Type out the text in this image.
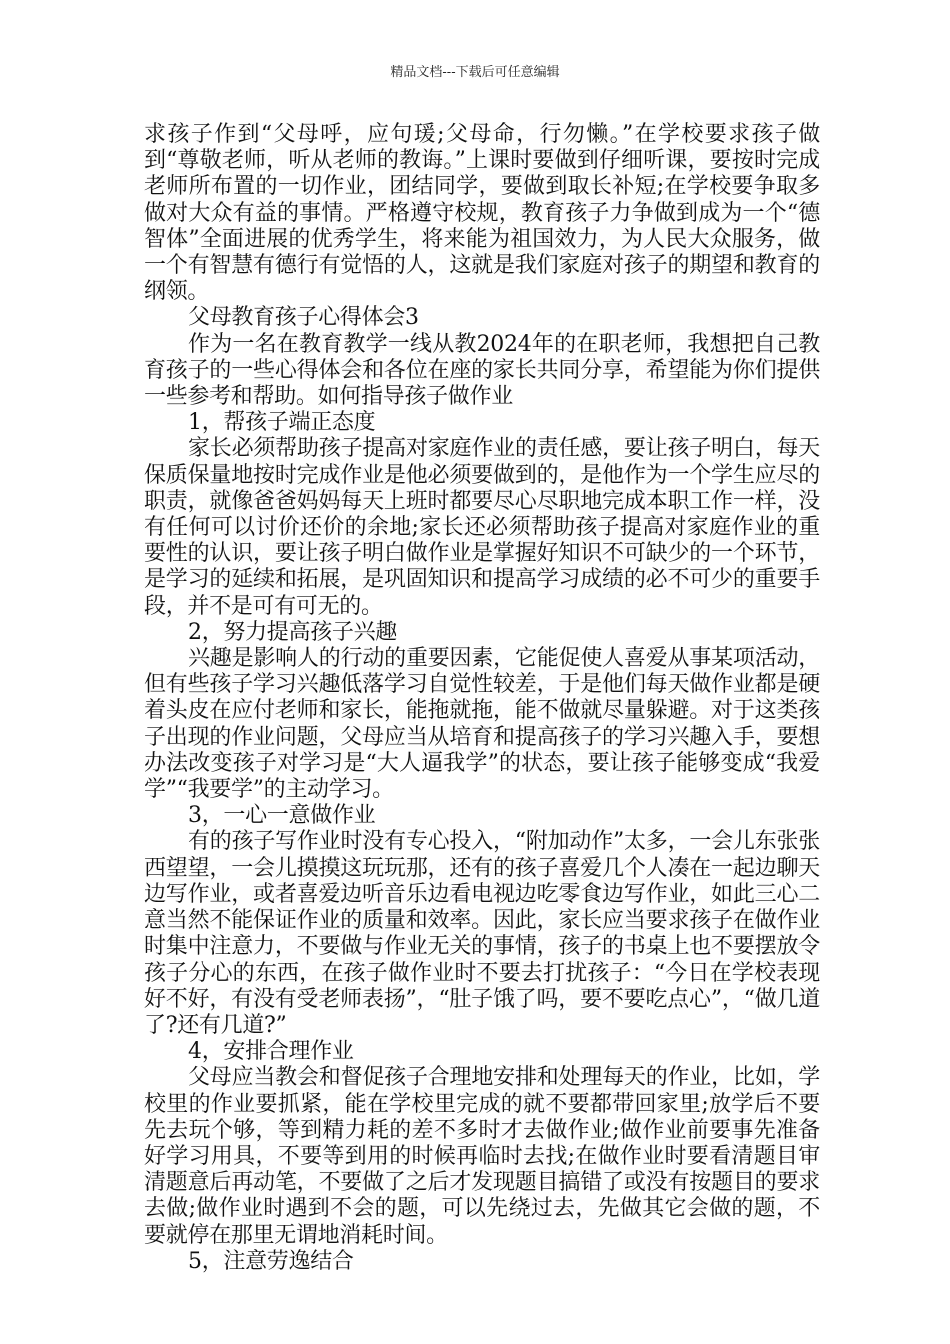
精品文档---下载后可任意编辑

求孩子作到“父母呼，应句瑗;父母命，行勿懒。”在学校要求孩子做到“尊敬老师，听从老师的教诲。”上课时要做到仔细听课，要按时完成老师所布置的一切作业，团结同学，要做到取长补短;在学校要争取多做对大众有益的事情。严格遵守校规，教育孩子力争做到成为一个“德智体”全面进展的优秀学生，将来能为祖国效力，为人民大众服务，做一个有智慧有德行有觉悟的人，这就是我们家庭对孩子的期望和教育的纲领。

父母教育孩子心得体会3

作为一名在教育教学一线从教2024年的在职老师，我想把自己教育孩子的一些心得体会和各位在座的家长共同分享，希望能为你们提供一些参考和帮助。如何指导孩子做作业

1，帮孩子端正态度

家长必须帮助孩子提高对家庭作业的责任感，要让孩子明白，每天保质保量地按时完成作业是他必须要做到的，是他作为一个学生应尽的职责，就像爸爸妈妈每天上班时都要尽心尽职地完成本职工作一样，没有任何可以讨价还价的余地;家长还必须帮助孩子提高对家庭作业的重要性的认识，要让孩子明白做作业是掌握好知识不可缺少的一个环节，是学习的延续和拓展，是巩固知识和提高学习成绩的必不可少的重要手段，并不是可有可无的。

2，努力提高孩子兴趣

兴趣是影响人的行动的重要因素，它能促使人喜爱从事某项活动，但有些孩子学习兴趣低落学习自觉性较差，于是他们每天做作业都是硬着头皮在应付老师和家长，能拖就拖，能不做就尽量躲避。对于这类孩子出现的作业问题，父母应当从培育和提高孩子的学习兴趣入手，要想办法改变孩子对学习是“大人逼我学”的状态，要让孩子能够变成“我爱学”“我要学”的主动学习。

3，一心一意做作业

有的孩子写作业时没有专心投入，“附加动作”太多，一会儿东张张西望望，一会儿摸摸这玩玩那，还有的孩子喜爱几个人凑在一起边聊天边写作业，或者喜爱边听音乐边看电视边吃零食边写作业，如此三心二意当然不能保证作业的质量和效率。因此，家长应当要求孩子在做作业时集中注意力，不要做与作业无关的事情，孩子的书桌上也不要摆放令孩子分心的东西，在孩子做作业时不要去打扰孩子：“今日在学校表现好不好，有没有受老师表扬”，“肚子饿了吗，要不要吃点心”，“做几道了?还有几道?”

4，安排合理作业

父母应当教会和督促孩子合理地安排和处理每天的作业，比如，学校里的作业要抓紧，能在学校里完成的就不要都带回家里;放学后不要先去玩个够，等到精力耗的差不多时才去做作业;做作业前要事先准备好学习用具，不要等到用的时候再临时去找;在做作业时要看清题目审清题意后再动笔，不要做了之后才发现题目搞错了或没有按题目的要求去做;做作业时遇到不会的题，可以先绕过去，先做其它会做的题，不要就停在那里无谓地消耗时间。

5，注意劳逸结合
